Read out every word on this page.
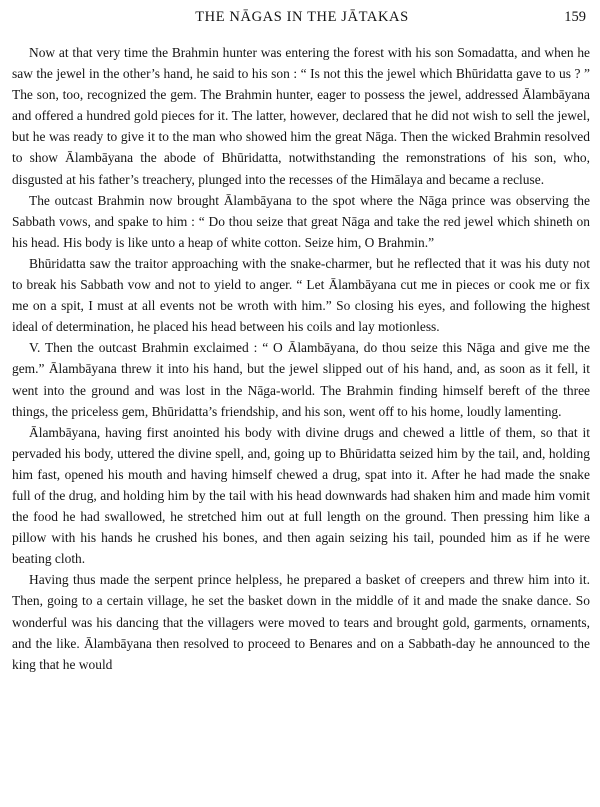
THE NĀGAS IN THE JĀTAKAS	159

Now at that very time the Brahmin hunter was entering the forest with his son Somadatta, and when he saw the jewel in the other’s hand, he said to his son : “ Is not this the jewel which Bhūridatta gave to us ? ” The son, too, recognized the gem. The Brahmin hunter, eager to possess the jewel, addressed Ālambāyana and offered a hundred gold pieces for it. The latter, however, declared that he did not wish to sell the jewel, but he was ready to give it to the man who showed him the great Nāga. Then the wicked Brahmin resolved to show Ālambāyana the abode of Bhūridatta, notwithstanding the remonstrations of his son, who, disgusted at his father’s treachery, plunged into the recesses of the Himālaya and became a recluse.

The outcast Brahmin now brought Ālambāyana to the spot where the Nāga prince was observing the Sabbath vows, and spake to him : “ Do thou seize that great Nāga and take the red jewel which shineth on his head. His body is like unto a heap of white cotton. Seize him, O Brahmin.”

Bhūridatta saw the traitor approaching with the snake-charmer, but he reflected that it was his duty not to break his Sabbath vow and not to yield to anger. “ Let Ālambāyana cut me in pieces or cook me or fix me on a spit, I must at all events not be wroth with him.” So closing his eyes, and following the highest ideal of determination, he placed his head between his coils and lay motionless.

V. Then the outcast Brahmin exclaimed : “ O Ālambāyana, do thou seize this Nāga and give me the gem.” Ālambāyana threw it into his hand, but the jewel slipped out of his hand, and, as soon as it fell, it went into the ground and was lost in the Nāga-world. The Brahmin finding himself bereft of the three things, the priceless gem, Bhūridatta’s friendship, and his son, went off to his home, loudly lamenting.

Ālambāyana, having first anointed his body with divine drugs and chewed a little of them, so that it pervaded his body, uttered the divine spell, and, going up to Bhūridatta seized him by the tail, and, holding him fast, opened his mouth and having himself chewed a drug, spat into it. After he had made the snake full of the drug, and holding him by the tail with his head downwards had shaken him and made him vomit the food he had swallowed, he stretched him out at full length on the ground. Then pressing him like a pillow with his hands he crushed his bones, and then again seizing his tail, pounded him as if he were beating cloth.

Having thus made the serpent prince helpless, he prepared a basket of creepers and threw him into it. Then, going to a certain village, he set the basket down in the middle of it and made the snake dance. So wonderful was his dancing that the villagers were moved to tears and brought gold, garments, ornaments, and the like. Ālambāyana then resolved to proceed to Benares and on a Sabbath-day he announced to the king that he would
